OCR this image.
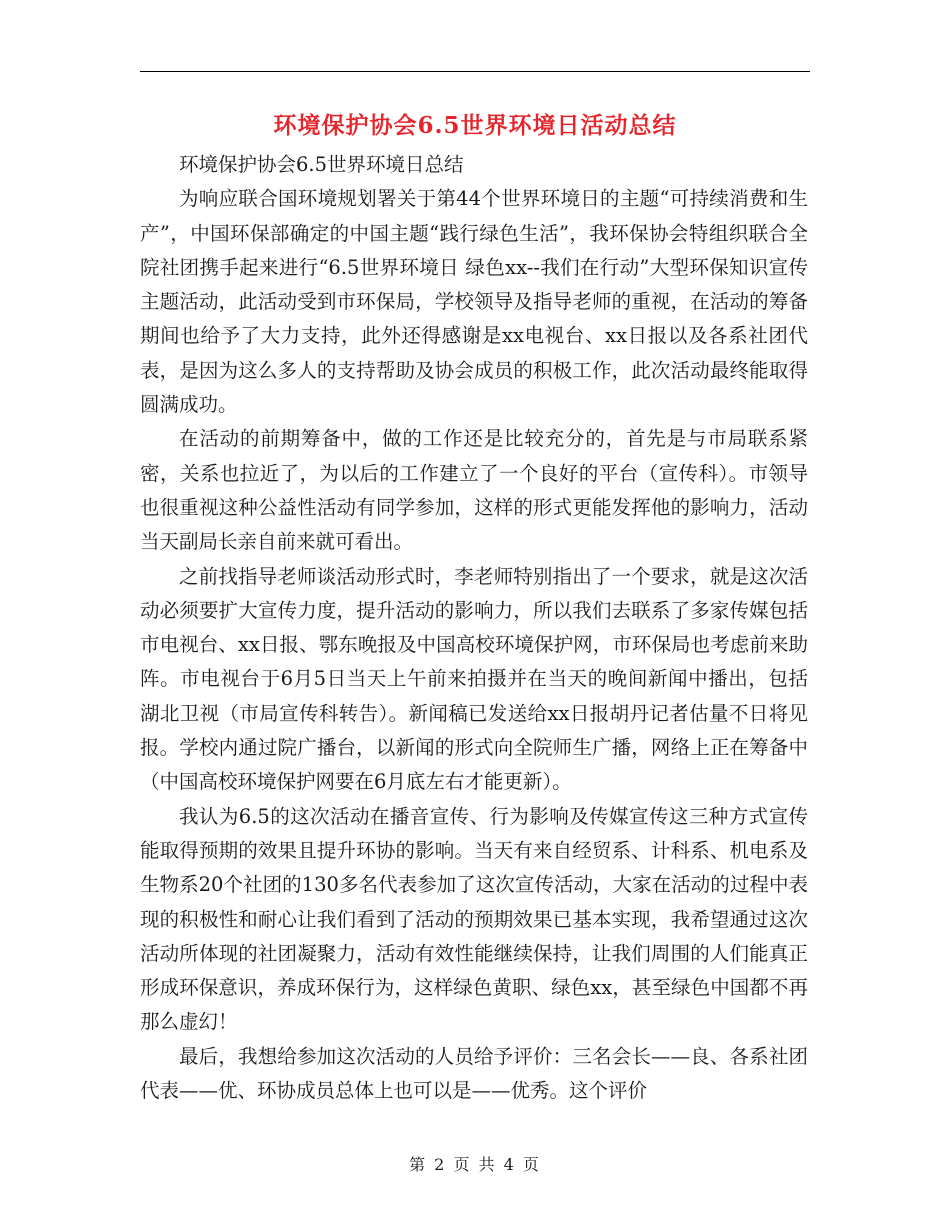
环境保护协会6.5世界环境日活动总结

环境保护协会6.5世界环境日总结

为响应联合国环境规划署关于第44个世界环境日的主题“可持续消费和生产”，中国环保部确定的中国主题“践行绿色生活”，我环保协会特组织联合全院社团携手起来进行“6.5世界环境日 绿色xx--我们在行动”大型环保知识宣传主题活动，此活动受到市环保局，学校领导及指导老师的重视，在活动的筹备期间也给予了大力支持，此外还得感谢是xx电视台、xx日报以及各系社团代表，是因为这么多人的支持帮助及协会成员的积极工作，此次活动最终能取得圆满成功。

在活动的前期筹备中，做的工作还是比较充分的，首先是与市局联系紧密，关系也拉近了，为以后的工作建立了一个良好的平台（宣传科）。市领导也很重视这种公益性活动有同学参加，这样的形式更能发挥他的影响力，活动当天副局长亲自前来就可看出。

之前找指导老师谈活动形式时，李老师特别指出了一个要求，就是这次活动必须要扩大宣传力度，提升活动的影响力，所以我们去联系了多家传媒包括市电视台、xx日报、鄂东晚报及中国高校环境保护网，市环保局也考虑前来助阵。市电视台于6月5日当天上午前来拍摄并在当天的晚间新闻中播出，包括湖北卫视（市局宣传科转告）。新闻稿已发送给xx日报胡丹记者估量不日将见报。学校内通过院广播台，以新闻的形式向全院师生广播，网络上正在筹备中（中国高校环境保护网要在6月底左右才能更新）。

我认为6.5的这次活动在播音宣传、行为影响及传媒宣传这三种方式宣传能取得预期的效果且提升环协的影响。当天有来自经贸系、计科系、机电系及生物系20个社团的130多名代表参加了这次宣传活动，大家在活动的过程中表现的积极性和耐心让我们看到了活动的预期效果已基本实现，我希望通过这次活动所体现的社团凝聚力，活动有效性能继续保持，让我们周围的人们能真正形成环保意识，养成环保行为，这样绿色黄职、绿色xx，甚至绿色中国都不再那么虚幻！

最后，我想给参加这次活动的人员给予评价：三名会长——良、各系社团代表——优、环协成员总体上也可以是——优秀。这个评价

第 2 页 共 4 页
